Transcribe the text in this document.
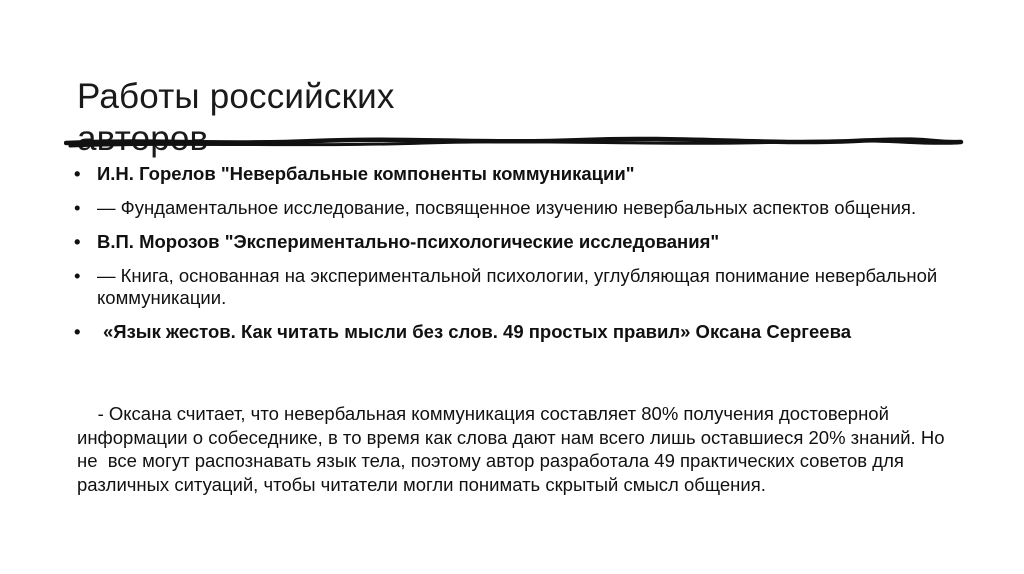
Работы российских авторов
• И.Н. Горелов "Невербальные компоненты коммуникации"
• — Фундаментальное исследование, посвященное изучению невербальных аспектов общения.
• В.П. Морозов "Экспериментально-психологические исследования"
• — Книга, основанная на экспериментальной психологии, углубляющая понимание невербальной коммуникации.
• «Язык жестов. Как читать мысли без слов. 49 простых правил» Оксана Сергеева
- Оксана считает, что невербальная коммуникация составляет 80% получения достоверной        информации о собеседнике, в то время как слова дают нам всего лишь оставшиеся 20% знаний. Но не  все могут распознавать язык тела, поэтому автор разработала 49 практических советов для  различных ситуаций, чтобы читатели могли понимать скрытый смысл общения.
